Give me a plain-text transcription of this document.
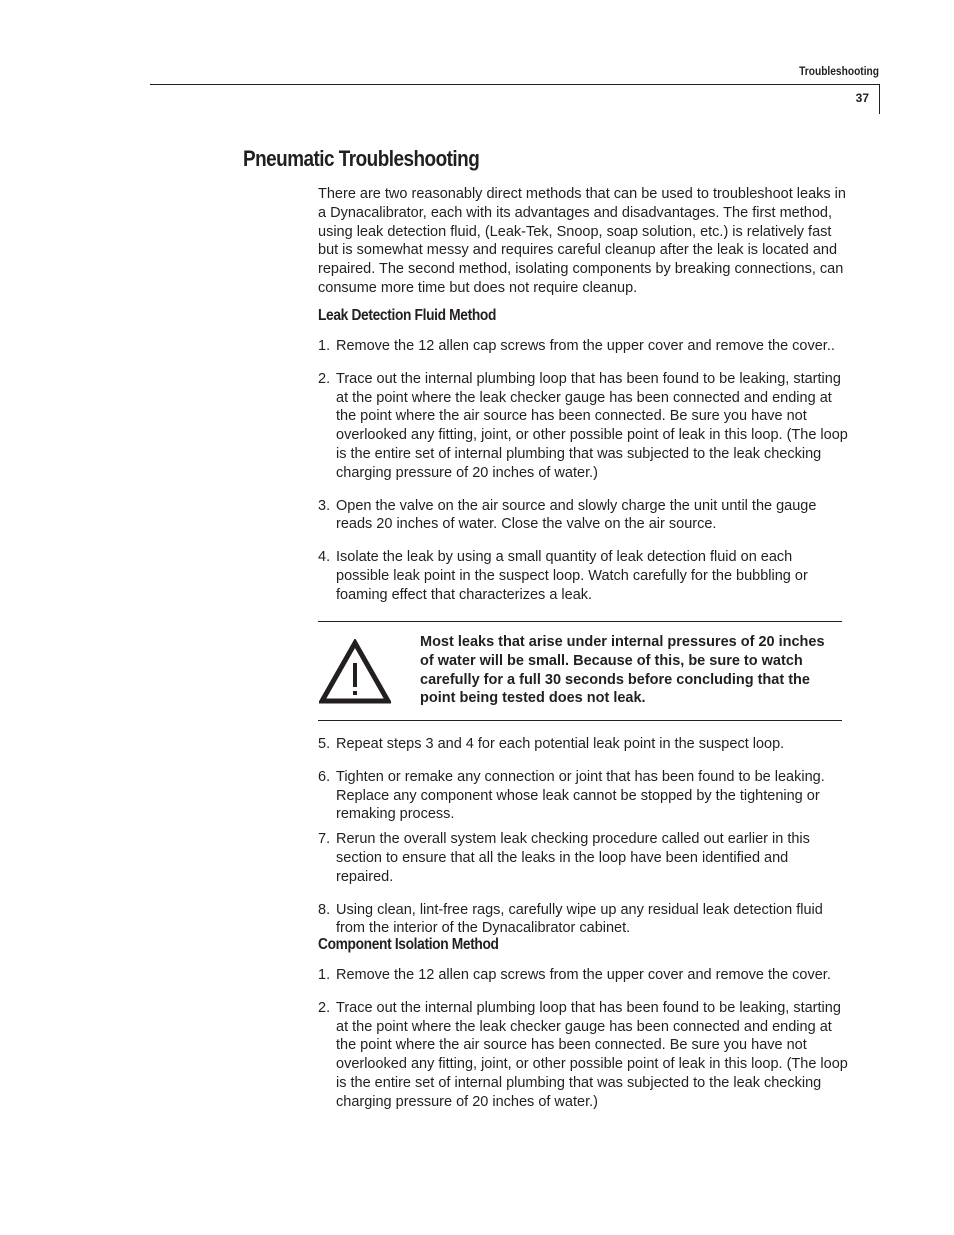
Troubleshooting
37
Pneumatic Troubleshooting

There are two reasonably direct methods that can be used to troubleshoot leaks in a Dynacalibrator, each with its advantages and disadvantages. The first method, using leak detection fluid, (Leak-Tek, Snoop, soap solution, etc.) is relatively fast but is somewhat messy and requires careful cleanup after the leak is located and repaired. The second method, isolating components by breaking connections, can consume more time but does not require cleanup.

Leak Detection Fluid Method
1. Remove the 12 allen cap screws from the upper cover and remove the cover..
2. Trace out the internal plumbing loop that has been found to be leaking, starting at the point where the leak checker gauge has been connected and ending at the point where the air source has been connected. Be sure you have not overlooked any fitting, joint, or other possible point of leak in this loop. (The loop is the entire set of internal plumbing that was subjected to the leak checking charging pressure of 20 inches of water.)
3. Open the valve on the air source and slowly charge the unit until the gauge reads 20 inches of water. Close the valve on the air source.
4. Isolate the leak by using a small quantity of leak detection fluid on each possible leak point in the suspect loop. Watch carefully for the bubbling or foaming effect that characterizes a leak.

Most leaks that arise under internal pressures of 20 inches of water will be small. Because of this, be sure to watch carefully for a full 30 seconds before concluding that the point being tested does not leak.

5. Repeat steps 3 and 4 for each potential leak point in the suspect loop.
6. Tighten or remake any connection or joint that has been found to be leaking. Replace any component whose leak cannot be stopped by the tightening or remaking process.
7. Rerun the overall system leak checking procedure called out earlier in this section to ensure that all the leaks in the loop have been identified and repaired.
8. Using clean, lint-free rags, carefully wipe up any residual leak detection fluid from the interior of the Dynacalibrator cabinet.
Component Isolation Method
1. Remove the 12 allen cap screws from the upper cover and remove the cover.
2. Trace out the internal plumbing loop that has been found to be leaking, starting at the point where the leak checker gauge has been connected and ending at the point where the air source has been connected. Be sure you have not overlooked any fitting, joint, or other possible point of leak in this loop. (The loop is the entire set of internal plumbing that was subjected to the leak checking charging pressure of 20 inches of water.)
